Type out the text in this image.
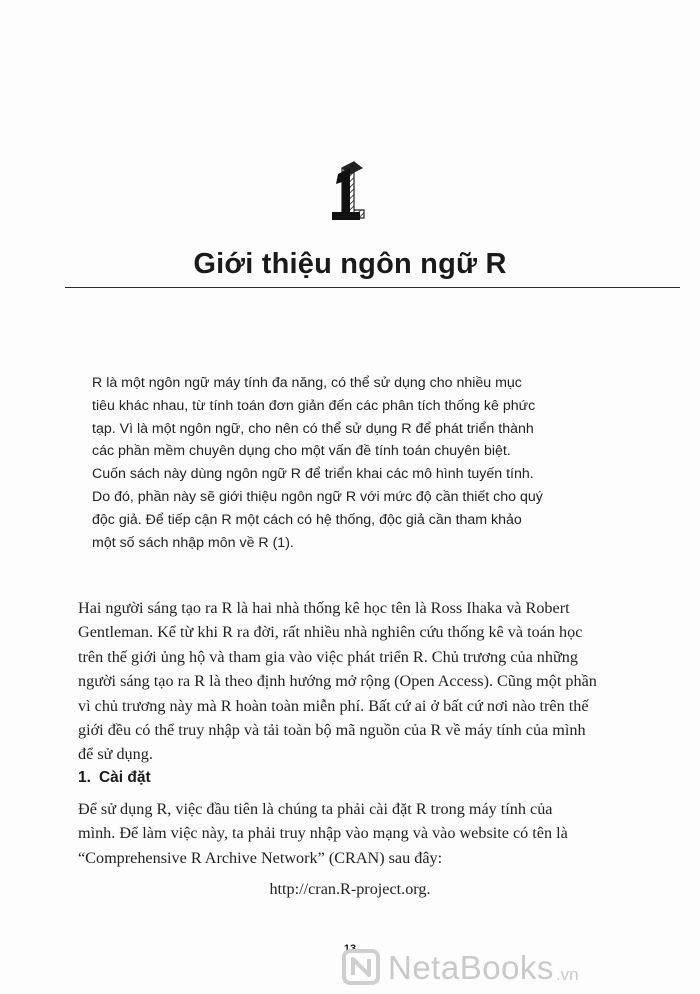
Giới thiệu ngôn ngữ R

R là một ngôn ngữ máy tính đa năng, có thể sử dụng cho nhiều mục

tiêu khác nhau, từ tính toán đơn giản đến các phân tích thống kê phức

tạp. Vì là một ngôn ngữ, cho nên có thể sử dụng R để phát triển thành

các phần mềm chuyên dụng cho một vấn đề tính toán chuyên biệt.

Cuốn sách này dùng ngôn ngữ R để triển khai các mô hình tuyến tính.

Do đó, phần này sẽ giới thiệu ngôn ngữ R với mức độ cần thiết cho quý

độc giả. Để tiếp cận R một cách có hệ thống, độc giả cần tham khảo

một số sách nhập môn về R (1).

Hai người sáng tạo ra R là hai nhà thống kê học tên là Ross Ihaka và Robert

Gentleman. Kể từ khi R ra đời, rất nhiều nhà nghiên cứu thống kê và toán học

trên thế giới ủng hộ và tham gia vào việc phát triển R. Chủ trương của những

người sáng tạo ra R là theo định hướng mở rộng (Open Access). Cũng một phần

vì chủ trương này mà R hoàn toàn miễn phí. Bất cứ ai ở bất cứ nơi nào trên thế

giới đều có thể truy nhập và tải toàn bộ mã nguồn của R về máy tính của mình

để sử dụng.

1. Cài đặt

Để sử dụng R, việc đầu tiên là chúng ta phải cài đặt R trong máy tính của

mình. Để làm việc này, ta phải truy nhập vào mạng và vào website có tên là

“Comprehensive R Archive Network” (CRAN) sau đây:

http://cran.R-project.org.
13 NetaBooks .vn
